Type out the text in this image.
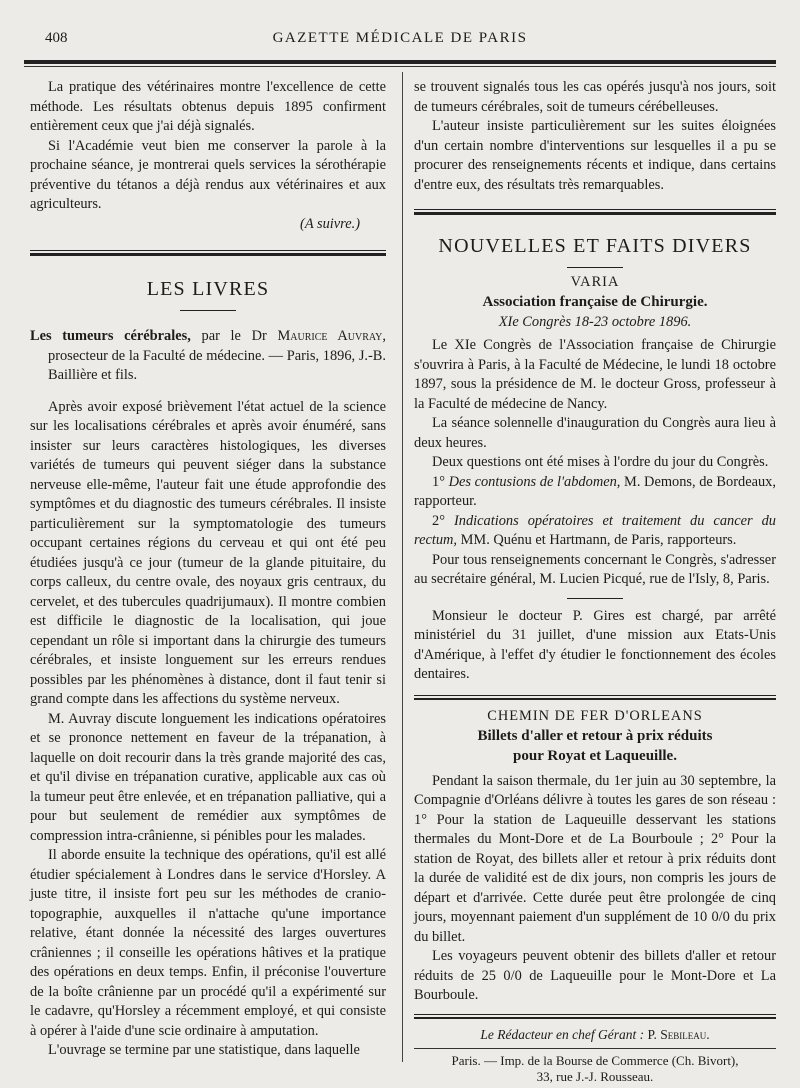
408	GAZETTE MÉDICALE DE PARIS

La pratique des vétérinaires montre l'excellence de cette méthode. Les résultats obtenus depuis 1895 confirment entièrement ceux que j'ai déjà signalés.

Si l'Académie veut bien me conserver la parole à la prochaine séance, je montrerai quels services la sérothérapie préventive du tétanos a déjà rendus aux vétérinaires et aux agriculteurs.

(A suivre.)

LES LIVRES

Les tumeurs cérébrales, par le Dr Maurice Auvray, prosecteur de la Faculté de médecine. — Paris, 1896, J.-B. Baillière et fils.

Après avoir exposé brièvement l'état actuel de la science sur les localisations cérébrales et après avoir énuméré, sans insister sur leurs caractères histologiques, les diverses variétés de tumeurs qui peuvent siéger dans la substance nerveuse elle-même, l'auteur fait une étude approfondie des symptômes et du diagnostic des tumeurs cérébrales. Il insiste particulièrement sur la symptomatologie des tumeurs occupant certaines régions du cerveau et qui ont été peu étudiées jusqu'à ce jour (tumeur de la glande pituitaire, du corps calleux, du centre ovale, des noyaux gris centraux, du cervelet, et des tubercules quadrijumaux). Il montre combien est difficile le diagnostic de la localisation, qui joue cependant un rôle si important dans la chirurgie des tumeurs cérébrales, et insiste longuement sur les erreurs rendues possibles par les phénomènes à distance, dont il faut tenir si grand compte dans les affections du système nerveux.

M. Auvray discute longuement les indications opératoires et se prononce nettement en faveur de la trépanation, à laquelle on doit recourir dans la très grande majorité des cas, et qu'il divise en trépanation curative, applicable aux cas où la tumeur peut être enlevée, et en trépanation palliative, qui a pour but seulement de remédier aux symptômes de compression intra-crânienne, si pénibles pour les malades.

Il aborde ensuite la technique des opérations, qu'il est allé étudier spécialement à Londres dans le service d'Horsley. A juste titre, il insiste fort peu sur les méthodes de cranio-topographie, auxquelles il n'attache qu'une importance relative, étant donnée la nécessité des larges ouvertures crâniennes ; il conseille les opérations hâtives et la pratique des opérations en deux temps. Enfin, il préconise l'ouverture de la boîte crânienne par un procédé qu'il a expérimenté sur le cadavre, qu'Horsley a récemment employé, et qui consiste à opérer à l'aide d'une scie ordinaire à amputation.

L'ouvrage se termine par une statistique, dans laquelle

se trouvent signalés tous les cas opérés jusqu'à nos jours, soit de tumeurs cérébrales, soit de tumeurs cérébelleuses.

L'auteur insiste particulièrement sur les suites éloignées d'un certain nombre d'interventions sur lesquelles il a pu se procurer des renseignements récents et indique, dans certains d'entre eux, des résultats très remarquables.

NOUVELLES ET FAITS DIVERS
VARIA
Association française de Chirurgie.
XIe Congrès 18-23 octobre 1896.

Le XIe Congrès de l'Association française de Chirurgie s'ouvrira à Paris, à la Faculté de Médecine, le lundi 18 octobre 1897, sous la présidence de M. le docteur Gross, professeur à la Faculté de médecine de Nancy.

La séance solennelle d'inauguration du Congrès aura lieu à deux heures.

Deux questions ont été mises à l'ordre du jour du Congrès.

1° Des contusions de l'abdomen, M. Demons, de Bordeaux, rapporteur.

2° Indications opératoires et traitement du cancer du rectum, MM. Quénu et Hartmann, de Paris, rapporteurs.

Pour tous renseignements concernant le Congrès, s'adresser au secrétaire général, M. Lucien Picqué, rue de l'Isly, 8, Paris.

Monsieur le docteur P. Gires est chargé, par arrêté ministériel du 31 juillet, d'une mission aux Etats-Unis d'Amérique, à l'effet d'y étudier le fonctionnement des écoles dentaires.

CHEMIN DE FER D'ORLEANS
Billets d'aller et retour à prix réduits
pour Royat et Laqueuille.

Pendant la saison thermale, du 1er juin au 30 septembre, la Compagnie d'Orléans délivre à toutes les gares de son réseau : 1° Pour la station de Laqueuille desservant les stations thermales du Mont-Dore et de La Bourboule ; 2° Pour la station de Royat, des billets aller et retour à prix réduits dont la durée de validité est de dix jours, non compris les jours de départ et d'arrivée. Cette durée peut être prolongée de cinq jours, moyennant paiement d'un supplément de 10 0/0 du prix du billet.

Les voyageurs peuvent obtenir des billets d'aller et retour réduits de 25 0/0 de Laqueuille pour le Mont-Dore et La Bourboule.

Le Rédacteur en chef Gérant : P. Sebileau.

Paris. — Imp. de la Bourse de Commerce (Ch. Bivort),

33, rue J.-J. Rousseau.
